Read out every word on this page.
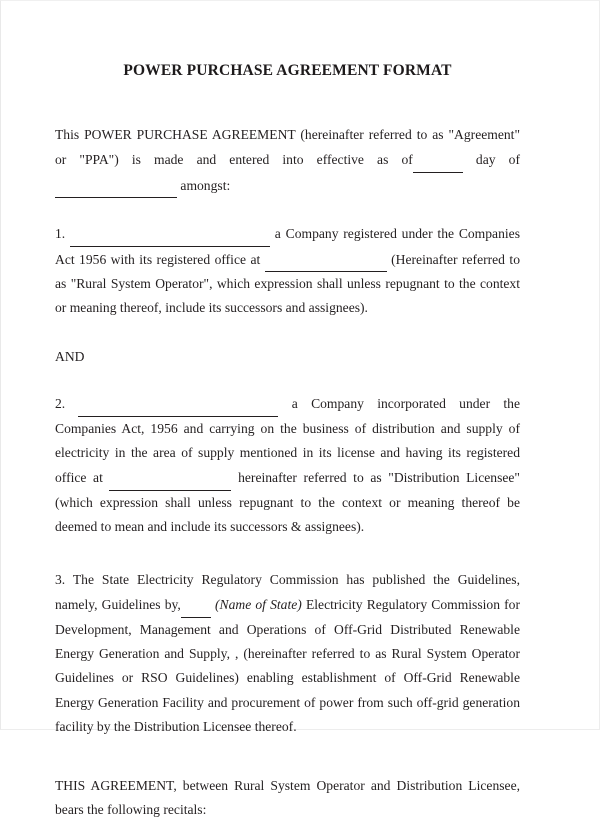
POWER PURCHASE AGREEMENT FORMAT

This POWER PURCHASE AGREEMENT (hereinafter referred to as "Agreement" or "PPA") is made and entered into effective as of	day of   amongst:

1.	a Company registered under the Companies Act 1956 with its registered office at	(Hereinafter referred to as "Rural System Operator", which expression shall unless repugnant to the context or meaning thereof, include its successors and assignees).

AND

2.	a Company incorporated under the Companies Act, 1956 and carrying on the business of distribution and supply of electricity in the area of supply mentioned in its license and having its registered office at	hereinafter referred to as "Distribution Licensee" (which expression shall unless repugnant to the context or meaning thereof be deemed to mean and include its successors & assignees).

3. The State Electricity Regulatory Commission has published the Guidelines, namely, Guidelines by,	(Name of State) Electricity Regulatory Commission for Development, Management and Operations of Off-Grid Distributed Renewable Energy Generation and Supply, , (hereinafter referred to as Rural System Operator Guidelines or RSO Guidelines) enabling establishment of Off-Grid Renewable Energy Generation Facility and procurement of power from such off-grid generation facility by the Distribution Licensee thereof.

THIS AGREEMENT, between Rural System Operator and Distribution Licensee, bears the following recitals:
